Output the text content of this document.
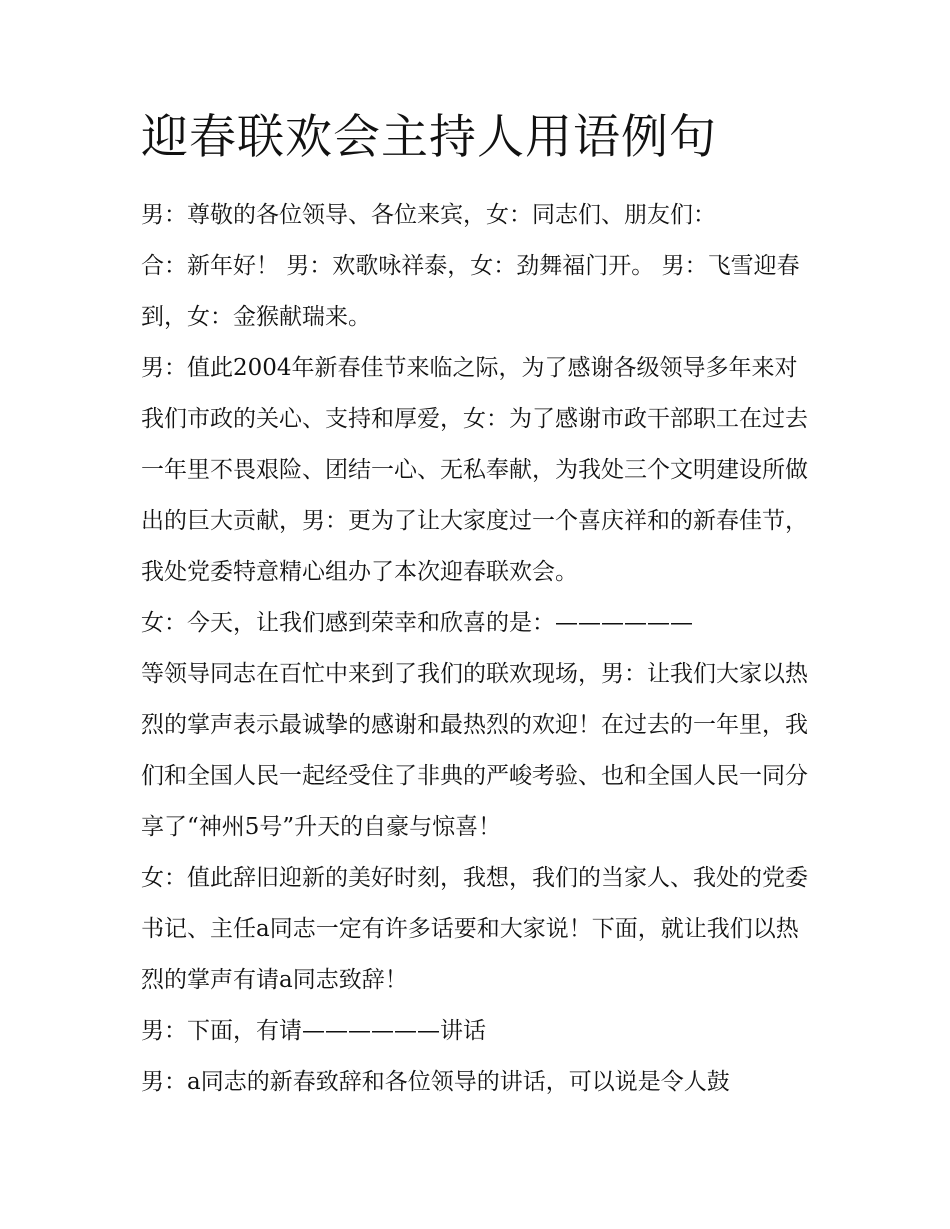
迎春联欢会主持人用语例句

男：尊敬的各位领导、各位来宾，女：同志们、朋友们：

合：新年好！ 男：欢歌咏祥泰，女：劲舞福门开。 男：飞雪迎春到，女：金猴献瑞来。

男：值此2004年新春佳节来临之际，为了感谢各级领导多年来对我们市政的关心、支持和厚爱，女：为了感谢市政干部职工在过去一年里不畏艰险、团结一心、无私奉献，为我处三个文明建设所做出的巨大贡献，男：更为了让大家度过一个喜庆祥和的新春佳节，我处党委特意精心组办了本次迎春联欢会。

女：今天，让我们感到荣幸和欣喜的是：——————

等领导同志在百忙中来到了我们的联欢现场，男：让我们大家以热烈的掌声表示最诚挚的感谢和最热烈的欢迎！在过去的一年里，我们和全国人民一起经受住了非典的严峻考验、也和全国人民一同分享了“神州5号”升天的自豪与惊喜！

女：值此辞旧迎新的美好时刻，我想，我们的当家人、我处的党委书记、主任a同志一定有许多话要和大家说！下面，就让我们以热烈的掌声有请a同志致辞！

男：下面，有请——————讲话

男：a同志的新春致辞和各位领导的讲话，可以说是令人鼓
